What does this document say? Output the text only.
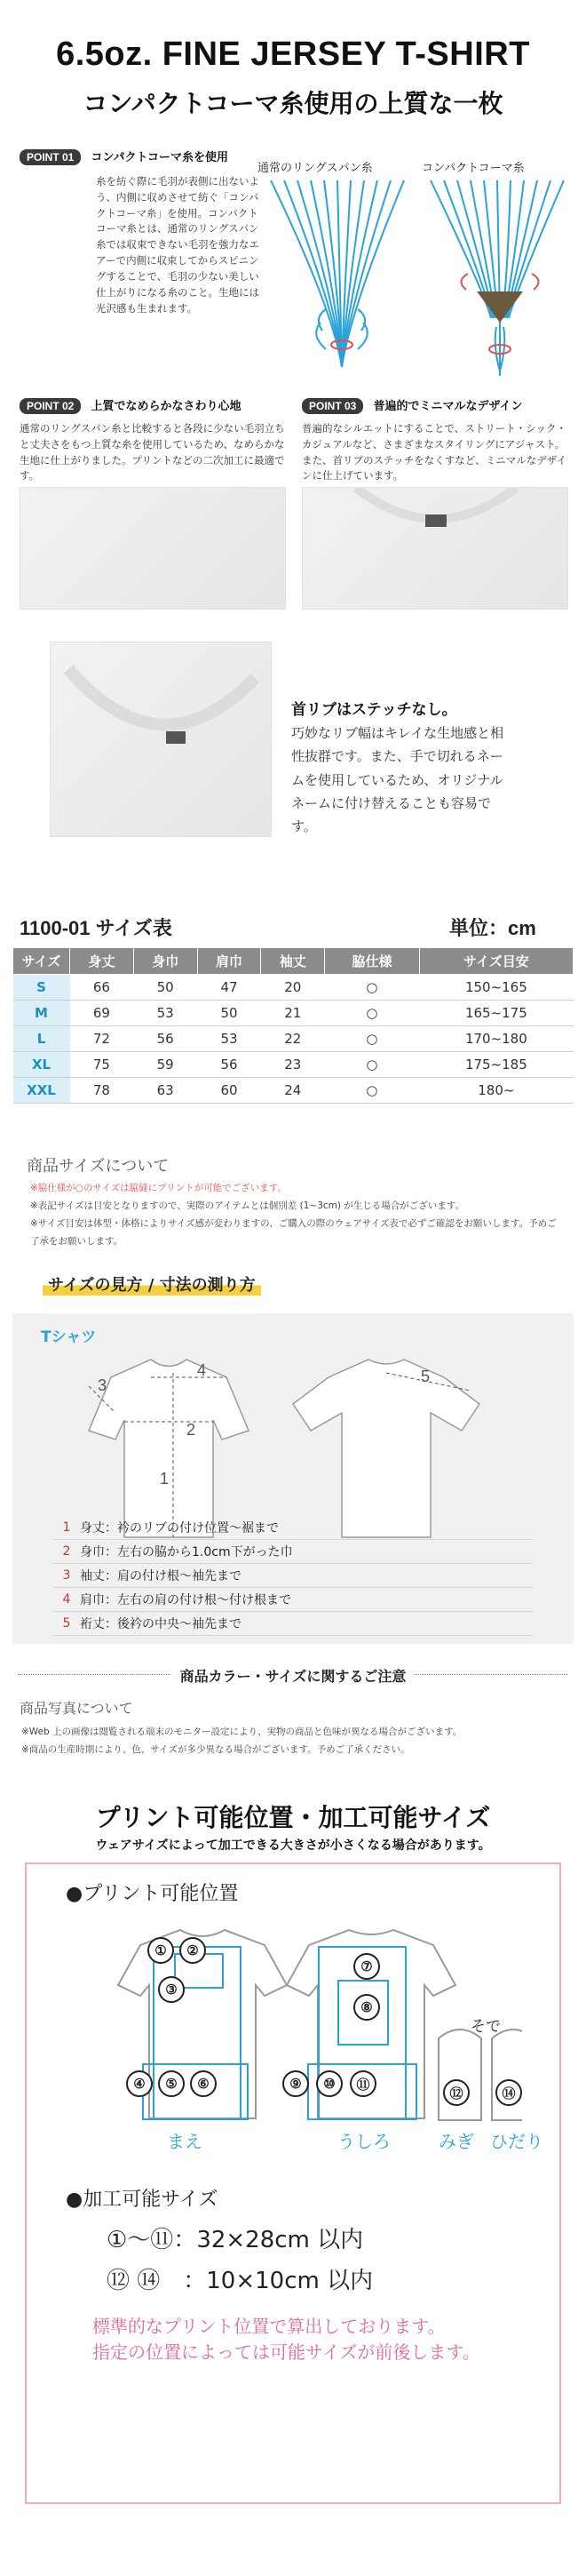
6.5oz. FINE JERSEY T-SHIRT
コンパクトコーマ糸使用の上質な一枚
POINT 01 コンパクトコーマ糸を使用
糸を紡ぐ際に毛羽が表側に出ないよう、内側に収めさせて紡ぐ「コンパクトコーマ糸」を使用。コンパクトコーマ糸とは、通常のリングスパン糸では収束できない毛羽を強力なエアーで内側に収束してからスピニングすることで、毛羽の少ない美しい仕上がりになる糸のこと。生地には光沢感も生まれます。
通常のリングスパン糸	コンパクトコーマ糸
POINT 02 上質でなめらかなさわり心地
通常のリングスパン糸と比較すると各段に少ない毛羽立ちと丈夫さをもつ上質な糸を使用しているため、なめらかな生地に仕上がりました。プリントなどの二次加工に最適です。
POINT 03 普遍的でミニマルなデザイン
普遍的なシルエットにすることで、ストリート・シック・カジュアルなど、さまざまなスタイリングにアジャスト。また、首リブのステッチをなくすなど、ミニマルなデザインに仕上げています。
首リブはステッチなし。
巧妙なリブ幅はキレイな生地感と相性抜群です。また、手で切れるネームを使用しているため、オリジナルネームに付け替えることも容易です。
1100-01 サイズ表	単位：cm
サイズ	身丈	身巾	肩巾	袖丈	脇仕様	サイズ目安
S	66	50	47	20	○	150~165
M	69	53	50	21	○	165~175
L	72	56	53	22	○	170~180
XL	75	59	56	23	○	175~185
XXL	78	63	60	24	○	180~
商品サイズについて
※脇仕様が○のサイズは脇縫にプリントが可能でございます。
※表記サイズは目安となりますので、実際のアイテムとは個別差 (1~3cm) が生じる場合がございます。
※サイズ目安は体型・体格によりサイズ感が変わりますの、ご購入の際のウェアサイズ表で必ずご確認をお願いします。予めご了承をお願いします。
サイズの見方 / 寸法の測り方
Tシャツ
4
3
2
1
5
1 身丈：衿のリブの付け位置〜裾まで
2 身巾：左右の脇から1.0cm下がった巾
3 袖丈：肩の付け根〜袖先まで
4 肩巾：左右の肩の付け根〜付け根まで
5 裄丈：後衿の中央〜袖先まで
商品カラー・サイズに関するご注意
商品写真について
※Web 上の画像は閲覧される端末のモニター設定により、実物の商品と色味が異なる場合がございます。
※商品の生産時期により、色、サイズが多少異なる場合がございます。予めご了承ください。
プリント可能位置・加工可能サイズ
ウェアサイズによって加工できる大きさが小さくなる場合があります。
●プリント可能位置
①	②
③
④	⑤	⑥
⑦
⑧
⑨	⑩	⑪
⑫	⑭
そで
まえ	うしろ	みぎ ひだり
●加工可能サイズ
①〜⑪：32×28cm 以内
⑫ ⑭　：10×10cm 以内
標準的なプリント位置で算出しております。
指定の位置によっては可能サイズが前後します。
